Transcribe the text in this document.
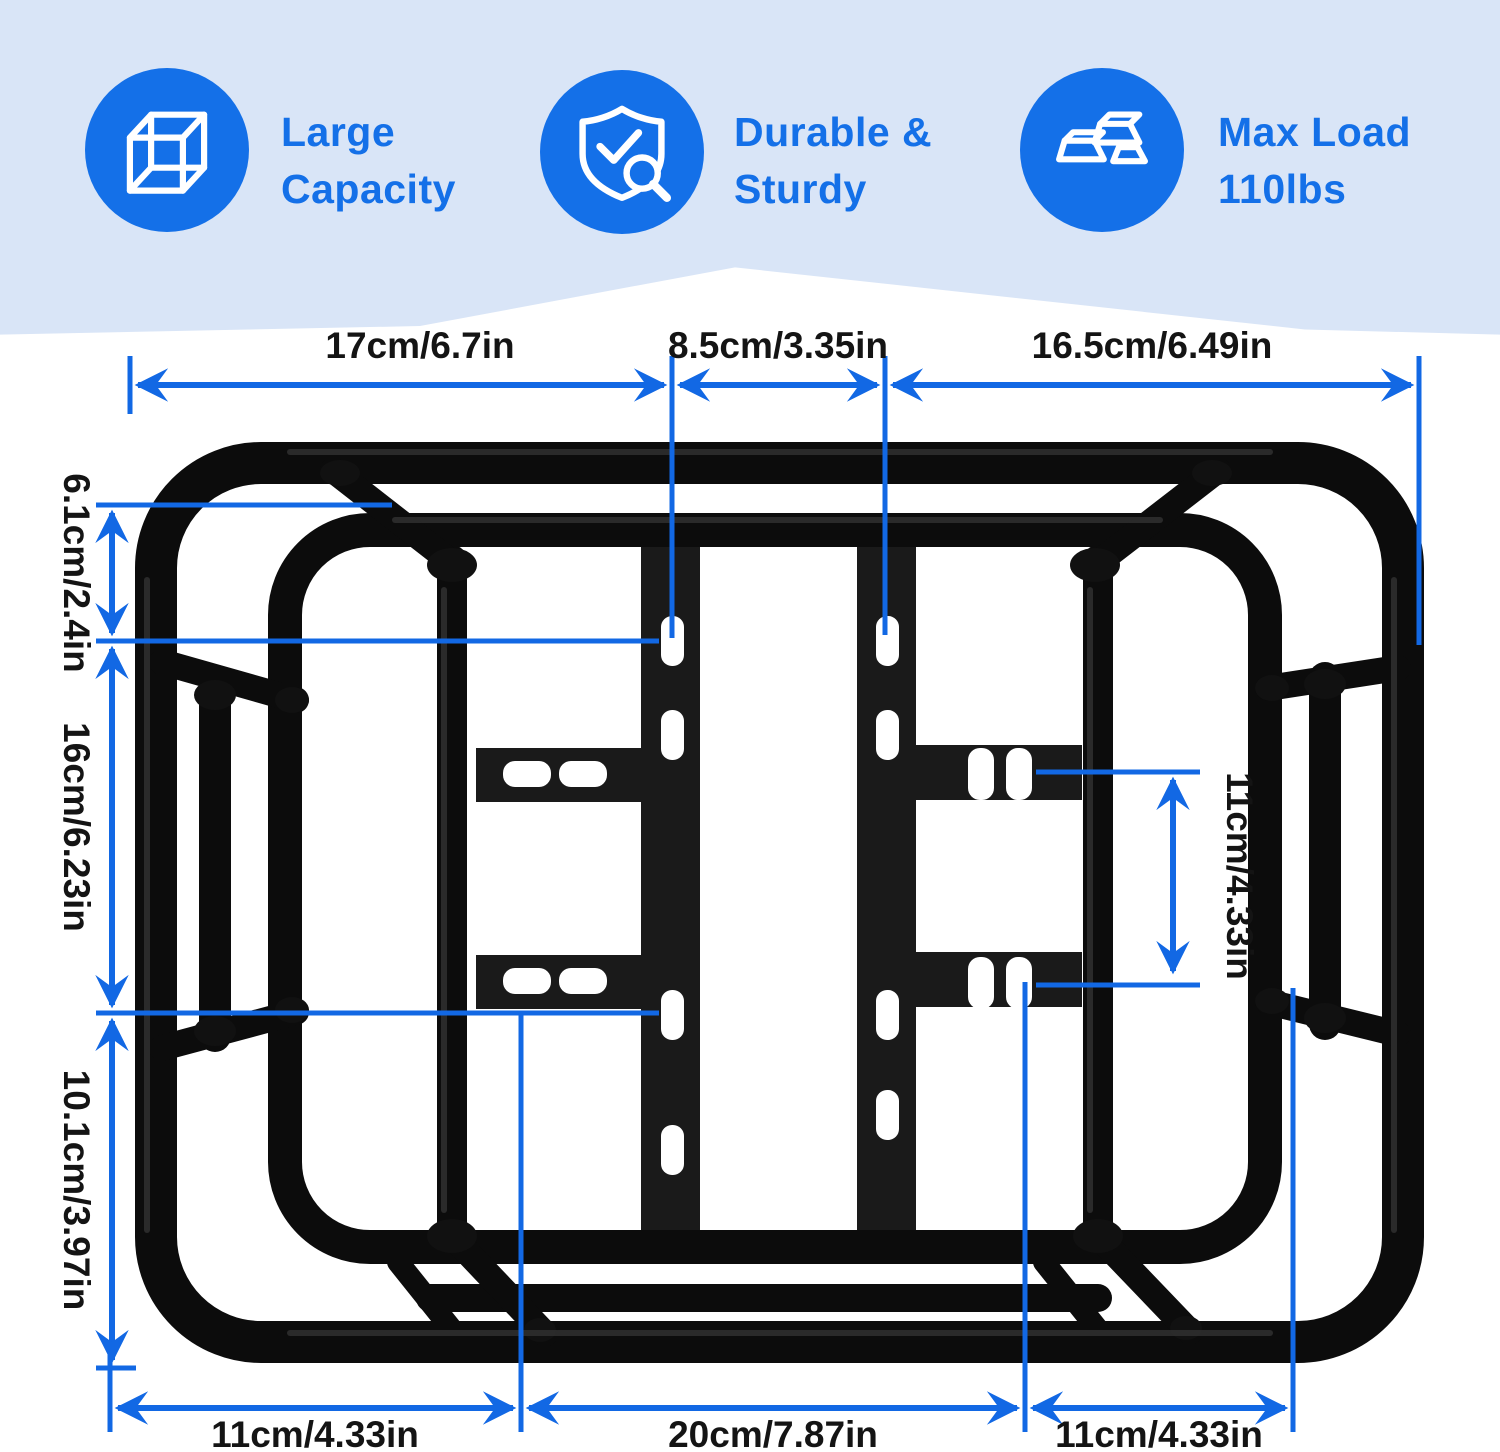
Large
Capacity
Durable &
Sturdy
Max Load
110lbs
17cm/6.7in	8.5cm/3.35in	16.5cm/6.49in
6.1cm/2.4in
16cm/6.23in
10.1cm/3.97in
11cm/4.33in	20cm/7.87in	11cm/4.33in
11cm/4.33in
